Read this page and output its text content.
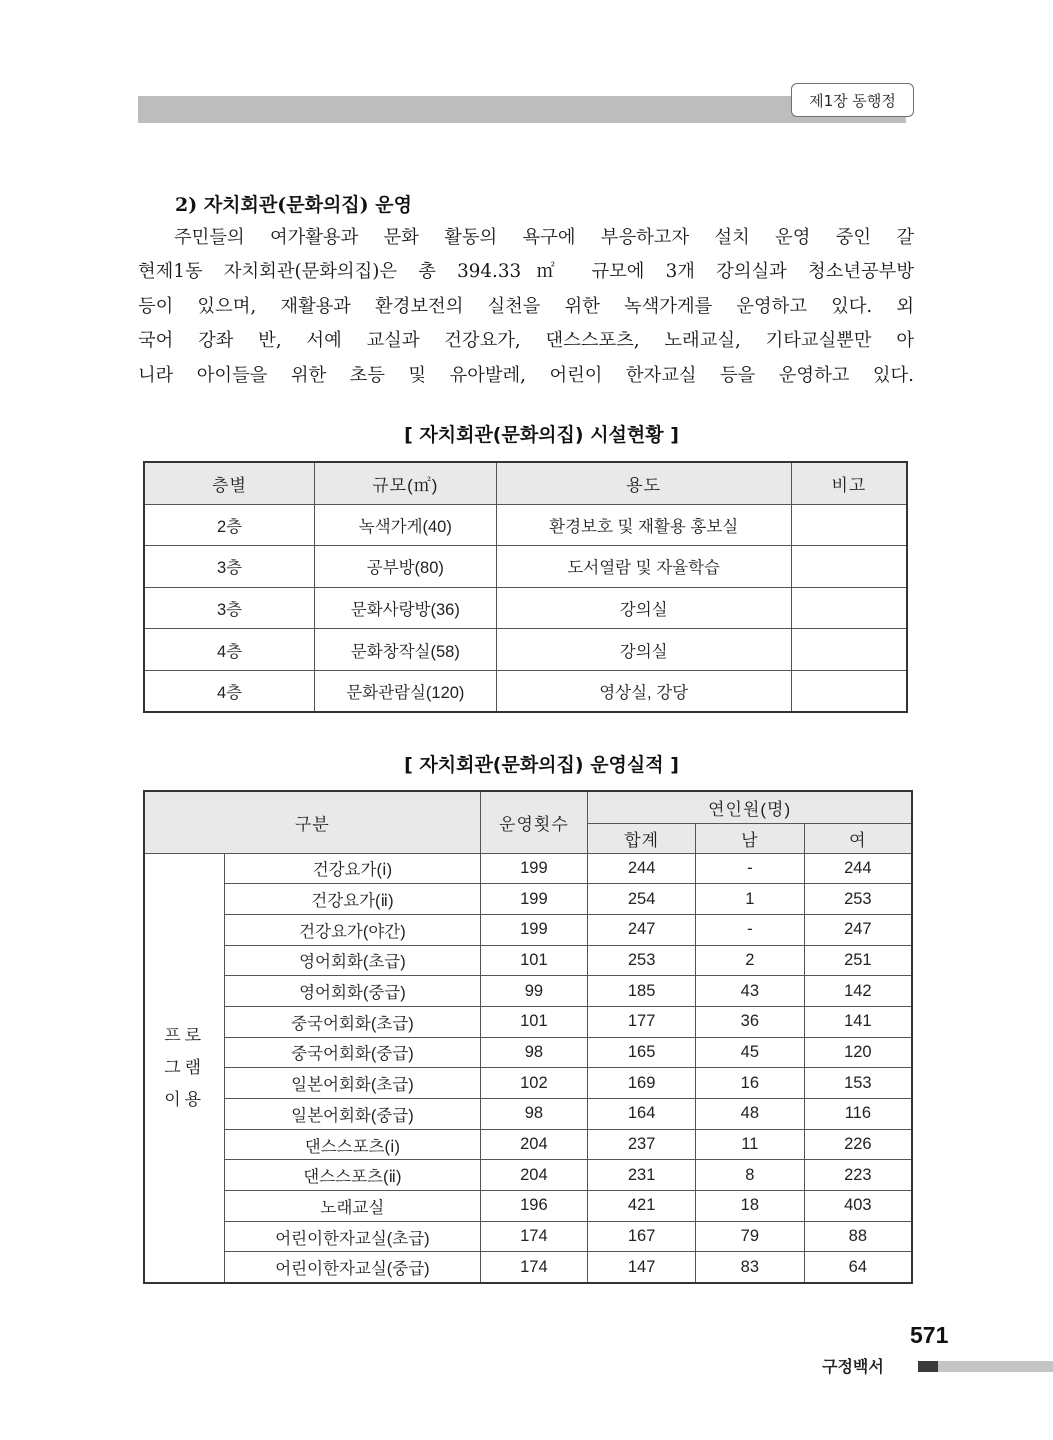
제1장 동행정
2) 자치회관(문화의집) 운영
주민들의 여가활용과 문화 활동의 욕구에 부응하고자 설치 운영 중인 갈
현제1동 자치회관(문화의집)은 총 394.33㎡ 규모에 3개 강의실과 청소년공부방
등이 있으며, 재활용과 환경보전의 실천을 위한 녹색가게를 운영하고 있다. 외
국어 강좌 반, 서예 교실과 건강요가, 댄스스포츠, 노래교실, 기타교실뿐만 아
니라 아이들을 위한 초등 및 유아발레, 어린이 한자교실 등을 운영하고 있다.
[ 자치회관(문화의집) 시설현황 ]
층별	규모(㎡)	용도	비고
2층	녹색가게(40)	환경보호 및 재활용 홍보실	
3층	공부방(80)	도서열람 및 자율학습	
3층	문화사랑방(36)	강의실	
4층	문화창작실(58)	강의실	
4층	문화관람실(120)	영상실, 강당	
[ 자치회관(문화의집) 운영실적 ]
구분		운영횟수	연인원(명)		
			합계	남	여
프로
그램
이용	건강요가(ⅰ)	199	244	-	244
	건강요가(ⅱ)	199	254	1	253
	건강요가(야간)	199	247	-	247
	영어회화(초급)	101	253	2	251
	영어회화(중급)	99	185	43	142
	중국어회화(초급)	101	177	36	141
	중국어회화(중급)	98	165	45	120
	일본어회화(초급)	102	169	16	153
	일본어회화(중급)	98	164	48	116
	댄스스포츠(ⅰ)	204	237	11	226
	댄스스포츠(ⅱ)	204	231	8	223
	노래교실	196	421	18	403
	어린이한자교실(초급)	174	167	79	88
	어린이한자교실(중급)	174	147	83	64
571
구정백서
